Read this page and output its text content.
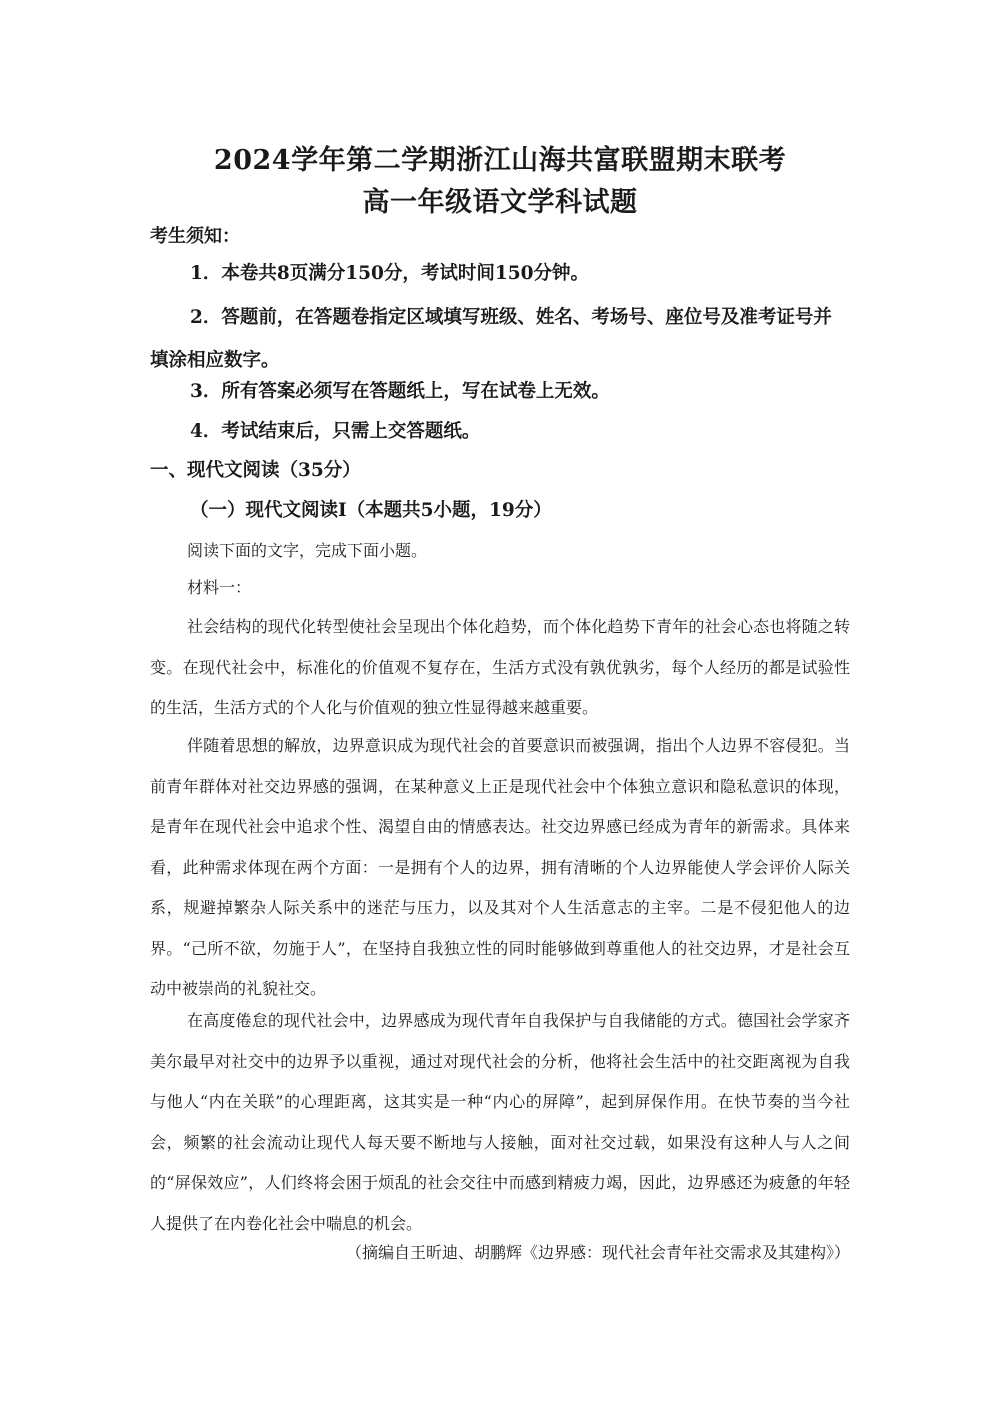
2024学年第二学期浙江山海共富联盟期末联考
高一年级语文学科试题
考生须知：
1．本卷共8页满分150分，考试时间150分钟。
2．答题前，在答题卷指定区域填写班级、姓名、考场号、座位号及准考证号并填涂相应数字。
3．所有答案必须写在答题纸上，写在试卷上无效。
4．考试结束后，只需上交答题纸。
一、现代文阅读（35分）
（一）现代文阅读Ⅰ（本题共5小题，19分）
阅读下面的文字，完成下面小题。
材料一：
社会结构的现代化转型使社会呈现出个体化趋势，而个体化趋势下青年的社会心态也将随之转变。在现代社会中，标准化的价值观不复存在，生活方式没有孰优孰劣，每个人经历的都是试验性的生活，生活方式的个人化与价值观的独立性显得越来越重要。
伴随着思想的解放，边界意识成为现代社会的首要意识而被强调，指出个人边界不容侵犯。当前青年群体对社交边界感的强调，在某种意义上正是现代社会中个体独立意识和隐私意识的体现，是青年在现代社会中追求个性、渴望自由的情感表达。社交边界感已经成为青年的新需求。具体来看，此种需求体现在两个方面：一是拥有个人的边界，拥有清晰的个人边界能使人学会评价人际关系，规避掉繁杂人际关系中的迷茫与压力，以及其对个人生活意志的主宰。二是不侵犯他人的边界。“己所不欲，勿施于人”，在坚持自我独立性的同时能够做到尊重他人的社交边界，才是社会互动中被崇尚的礼貌社交。
在高度倦怠的现代社会中，边界感成为现代青年自我保护与自我储能的方式。德国社会学家齐美尔最早对社交中的边界予以重视，通过对现代社会的分析，他将社会生活中的社交距离视为自我与他人“内在关联”的心理距离，这其实是一种“内心的屏障”，起到屏保作用。在快节奏的当今社会，频繁的社会流动让现代人每天要不断地与人接触，面对社交过载，如果没有这种人与人之间的“屏保效应”，人们终将会困于烦乱的社会交往中而感到精疲力竭，因此，边界感还为疲惫的年轻人提供了在内卷化社会中喘息的机会。
（摘编自王昕迪、胡鹏辉《边界感：现代社会青年社交需求及其建构》）
